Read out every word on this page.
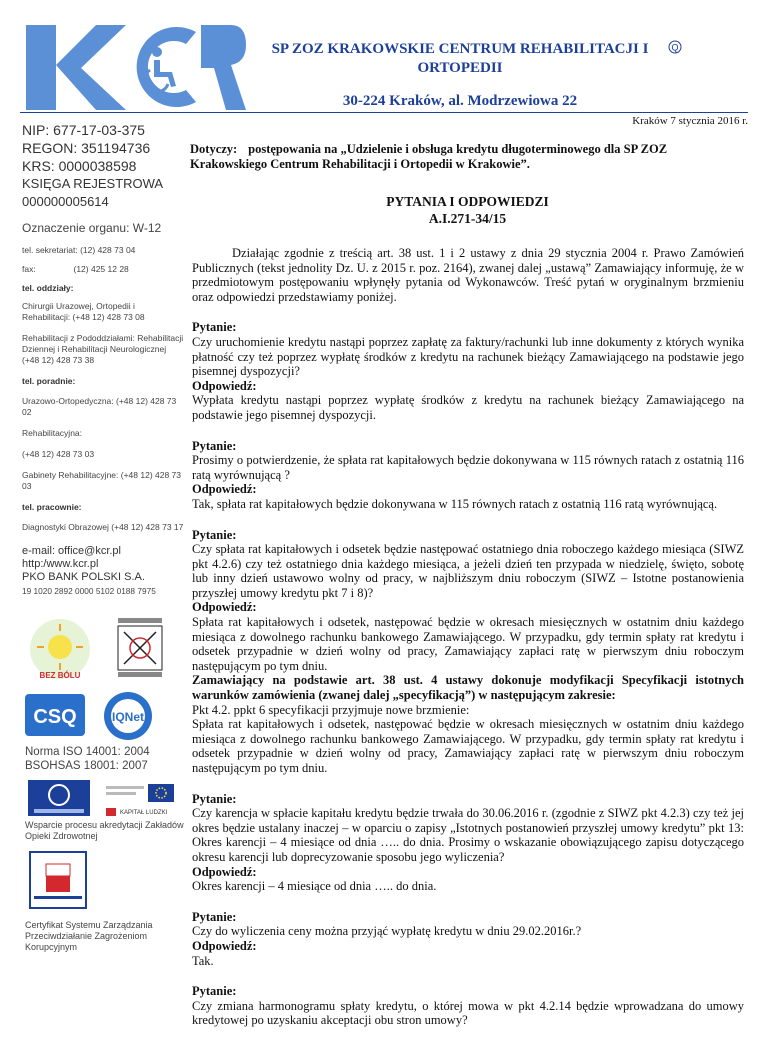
SP ZOZ KRAKOWSKIE CENTRUM REHABILITACJI I ORTOPEDII
Q
30-224 Kraków, al. Modrzewiowa 22
NIP: 677-17-03-375
REGON: 351194736
KRS: 0000038598
KSIĘGA REJESTROWA 000000005614
Oznaczenie organu: W-12
tel. sekretariat: (12) 428 73 04
fax:                (12) 425 12 28
tel. oddziały:
Chirurgii Urazowej, Ortopedii i Rehabilitacji: (+48 12) 428 73 08
Rehabilitacji z Pododdziałami: Rehabilitacji Dziennej i Rehabilitacji Neurologicznej (+48 12) 428 73 38
tel. poradnie:
Urazowo-Ortopedyczna: (+48 12) 428 73 02
Rehabilitacyjna:
(+48 12) 428 73 03
Gabinety Rehabilitacyjne: (+48 12) 428 73 03
tel. pracownie:
Diagnostyki Obrazowej (+48 12) 428 73 17
e-mail: office@kcr.pl
http:/www.kcr.pl
PKO BANK POLSKI S.A.
19 1020 2892 0000 5102 0188 7975
BEZ BÓLU
CSQ	IQNet
Norma ISO 14001: 2004
BSOHSAS 18001: 2007
KAPITAŁ LUDZKI
Wsparcie procesu akredytacji Zakładów Opieki Zdrowotnej
Certyfikat Systemu Zarządzania Przeciwdziałanie Zagrożeniom Korupcyjnym
Kraków 7 stycznia 2016 r.
Dotyczy: postępowania na „Udzielenie i obsługa kredytu długoterminowego dla SP ZOZ Krakowskiego Centrum Rehabilitacji i Ortopedii w Krakowie”.
PYTANIA I ODPOWIEDZI
A.I.271-34/15

Działając zgodnie z treścią art. 38 ust. 1 i 2 ustawy z dnia 29 stycznia 2004 r. Prawo Zamówień Publicznych (tekst jednolity Dz. U. z 2015 r. poz. 2164), zwanej dalej „ustawą” Zamawiający informuję, że w przedmiotowym postępowaniu wpłynęły pytania od Wykonawców. Treść pytań w oryginalnym brzmieniu oraz odpowiedzi przedstawiamy poniżej.

Pytanie:

Czy uruchomienie kredytu nastąpi poprzez zapłatę za faktury/rachunki lub inne dokumenty z których wynika płatność czy też poprzez wypłatę środków z kredytu na rachunek bieżący Zamawiającego na podstawie jego pisemnej dyspozycji?

Odpowiedź:

Wypłata kredytu nastąpi poprzez wypłatę środków z kredytu na rachunek bieżący Zamawiającego na podstawie jego pisemnej dyspozycji.

Pytanie:

Prosimy o potwierdzenie, że spłata rat kapitałowych będzie dokonywana w 115 równych ratach z ostatnią 116 ratą wyrównującą ?

Odpowiedź:

Tak, spłata rat kapitałowych będzie dokonywana w 115 równych ratach z ostatnią 116 ratą wyrównującą.

Pytanie:

Czy spłata rat kapitałowych i odsetek będzie następować ostatniego dnia roboczego każdego miesiąca (SIWZ pkt 4.2.6) czy też ostatniego dnia każdego miesiąca, a jeżeli dzień ten przypada w niedzielę, święto, sobotę lub inny dzień ustawowo wolny od pracy, w najbliższym dniu roboczym (SIWZ – Istotne postanowienia przyszłej umowy kredytu pkt 7 i 8)?

Odpowiedź:

Spłata rat kapitałowych i odsetek, następować będzie w okresach miesięcznych w ostatnim dniu każdego miesiąca z dowolnego rachunku bankowego Zamawiającego. W przypadku, gdy termin spłaty rat kredytu i odsetek przypadnie w dzień wolny od pracy, Zamawiający zapłaci ratę w pierwszym dniu roboczym następującym po tym dniu.

Zamawiający na podstawie art. 38 ust. 4 ustawy dokonuje modyfikacji Specyfikacji istotnych warunków zamówienia (zwanej dalej „specyfikacją”) w następującym zakresie:

Pkt 4.2. ppkt 6 specyfikacji przyjmuje nowe brzmienie:

Spłata rat kapitałowych i odsetek, następować będzie w okresach miesięcznych w ostatnim dniu każdego miesiąca z dowolnego rachunku bankowego Zamawiającego. W przypadku, gdy termin spłaty rat kredytu i odsetek przypadnie w dzień wolny od pracy, Zamawiający zapłaci ratę w pierwszym dniu roboczym następującym po tym dniu.

Pytanie:

Czy karencja w spłacie kapitału kredytu będzie trwała do 30.06.2016 r. (zgodnie z SIWZ pkt 4.2.3) czy też jej okres będzie ustalany inaczej – w oparciu o zapisy „Istotnych postanowień przyszłej umowy kredytu” pkt 13: Okres karencji – 4 miesiące od dnia ….. do dnia. Prosimy o wskazanie obowiązującego zapisu dotyczącego okresu karencji lub doprecyzowanie sposobu jego wyliczenia?

Odpowiedź:

Okres karencji – 4 miesiące od dnia ….. do dnia.

Pytanie:

Czy do wyliczenia ceny można przyjąć wypłatę kredytu w dniu 29.02.2016r.?

Odpowiedź:

Tak.

Pytanie:

Czy zmiana harmonogramu spłaty kredytu, o której mowa w pkt 4.2.14 będzie wprowadzana do umowy kredytowej po uzyskaniu akceptacji obu stron umowy?
